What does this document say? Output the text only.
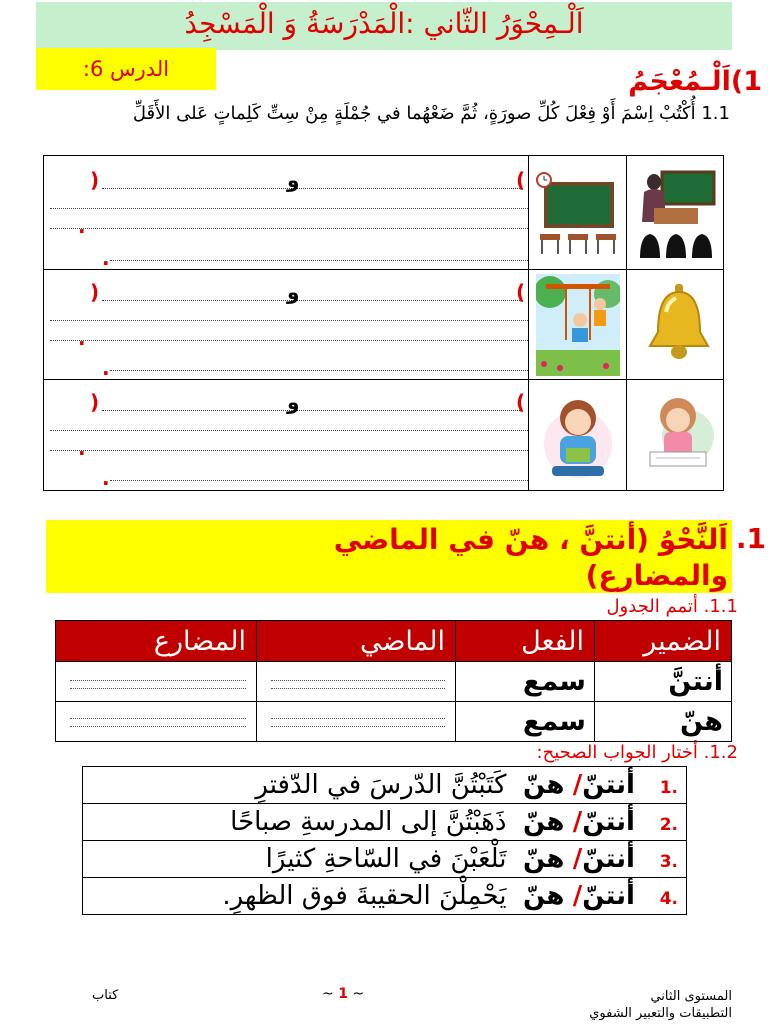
اَلْـمِحْوَرُ الثّاني :الْمَدْرَسَةُ وَ الْمَسْجِدُ
الدرس 6:	1)اَلْـمُعْجَمُ
1.1 أُكْتُبْ اِسْمَ أَوْ فِعْلَ كُلِّ صورَةٍ، ثُمَّ ضَعْهُما في جُمْلَةٍ مِنْ سِتِّ كَلِماتٍ عَلى الأَقَلِّ
)	و	(
.
.
)	و	(
.
.
)	و	(
.
.
.1
اَلنَّحْوُ (أنتنَّ ، هنّ في الماضي والمضارع)
1.1. أتمم الجدول
الضمير	الفعل	الماضي	المضارع
أنتنَّ	سمع	

هنّ	سمع	

1.2. أختار الجواب الصحيح:
.1   أنتنّ/ هنّ  كَتَبْتُنَّ الدّرسَ في الدّفترِ
.2   أنتنّ/ هنّ  ذَهَبْتُنَّ إلى المدرسةِ صباحًا
.3   أنتنّ/ هنّ  تَلْعَبْنَ في السّاحةِ كثيرًا
.4   أنتنّ/ هنّ  يَحْمِلْنَ الحقيبةَ فوق الظهرِ.
كتاب	~ 1 ~	المستوى الثاني
التطبيقات والتعبير الشفوي
